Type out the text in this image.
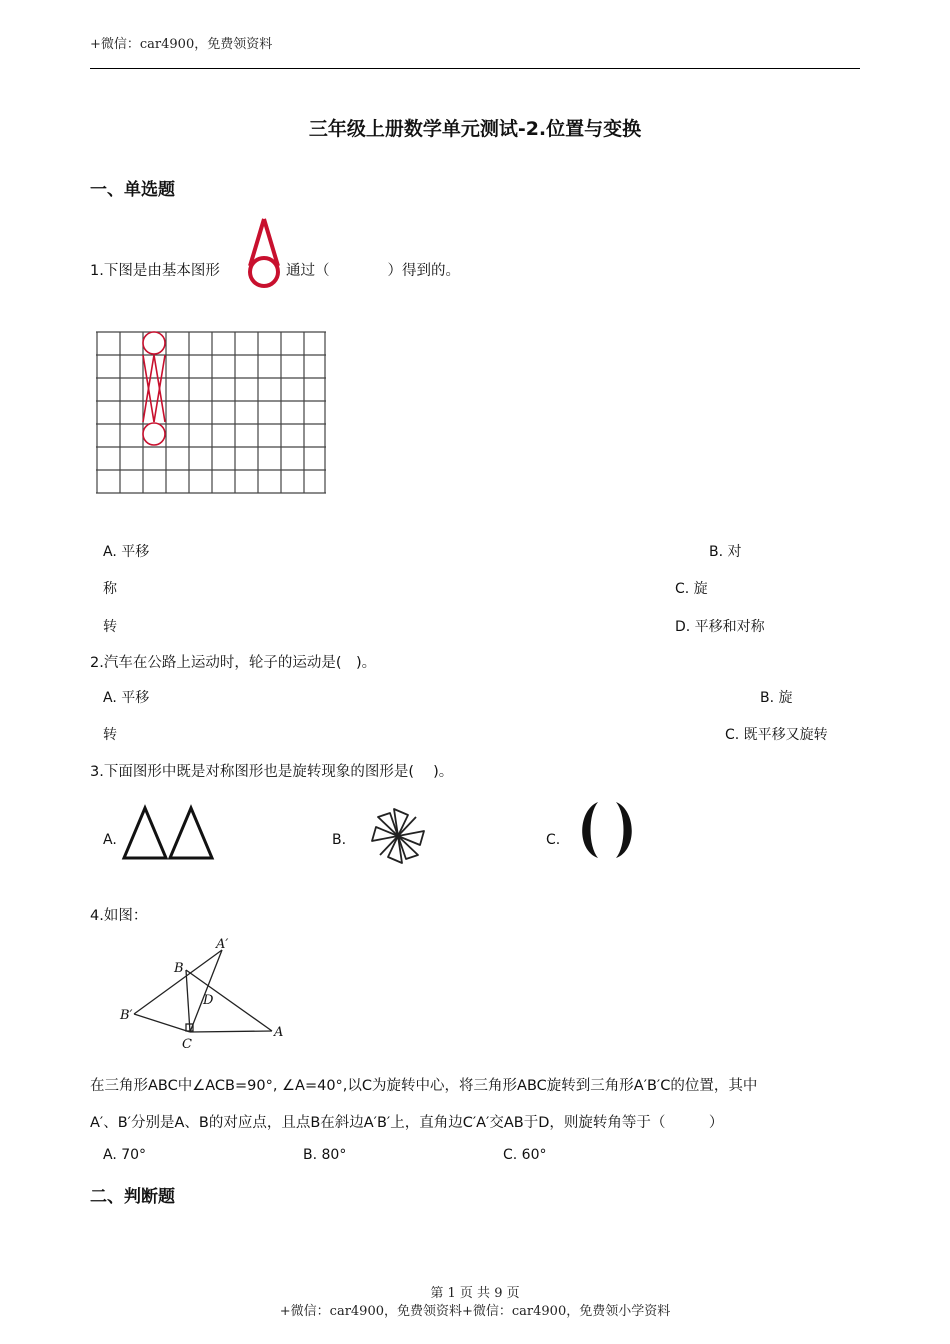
+微信：car4900，免费领资料
三年级上册数学单元测试-2.位置与变换
一、单选题
1.下图是由基本图形	通过（　　　　）得到的。
A. 平移	B. 对
称	C. 旋
转	D. 平移和对称
2.汽车在公路上运动时，轮子的运动是(　)。
A. 平移	B. 旋
转	C. 既平移又旋转
3.下面图形中既是对称图形也是旋转现象的图形是(　 )。
A.	B.	C.
4.如图：
A′
B
D
B′
A
C
在三角形ABC中∠ACB=90°, ∠A=40°,以C为旋转中心，将三角形ABC旋转到三角形A′B′C的位置，其中
A′、B′分别是A、B的对应点，且点B在斜边A′B′上，直角边C′A′交AB于D，则旋转角等于（　　　）
A. 70°	B. 80°	C. 60°
二、判断题
第 1 页 共 9 页
+微信：car4900，免费领资料+微信：car4900，免费领小学资料
